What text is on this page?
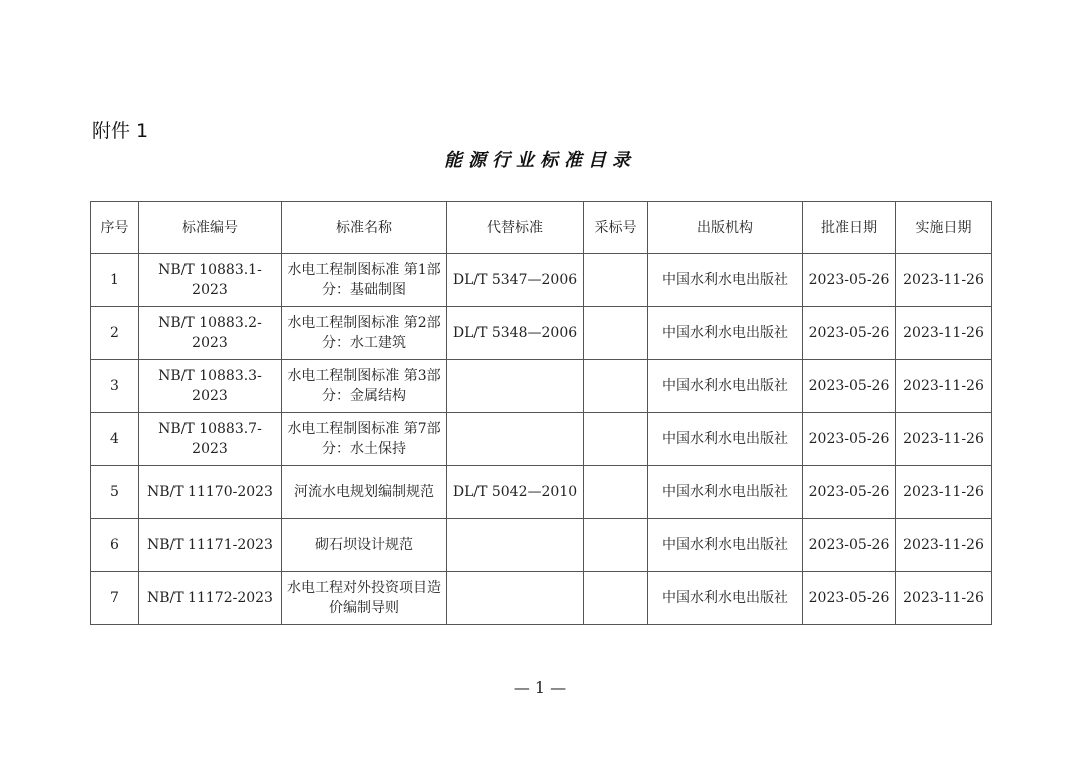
附件 1
能源行业标准目录
序号	标准编号	标准名称	代替标准	采标号	出版机构	批准日期	实施日期
1	NB/T 10883.1-2023	水电工程制图标准 第1部分：基础制图	DL/T 5347—2006		中国水利水电出版社	2023-05-26	2023-11-26
2	NB/T 10883.2-2023	水电工程制图标准 第2部分：水工建筑	DL/T 5348—2006		中国水利水电出版社	2023-05-26	2023-11-26
3	NB/T 10883.3-2023	水电工程制图标准 第3部分：金属结构			中国水利水电出版社	2023-05-26	2023-11-26
4	NB/T 10883.7-2023	水电工程制图标准 第7部分：水土保持			中国水利水电出版社	2023-05-26	2023-11-26
5	NB/T 11170-2023	河流水电规划编制规范	DL/T 5042—2010		中国水利水电出版社	2023-05-26	2023-11-26
6	NB/T 11171-2023	砌石坝设计规范			中国水利水电出版社	2023-05-26	2023-11-26
7	NB/T 11172-2023	水电工程对外投资项目造价编制导则			中国水利水电出版社	2023-05-26	2023-11-26
— 1 —
